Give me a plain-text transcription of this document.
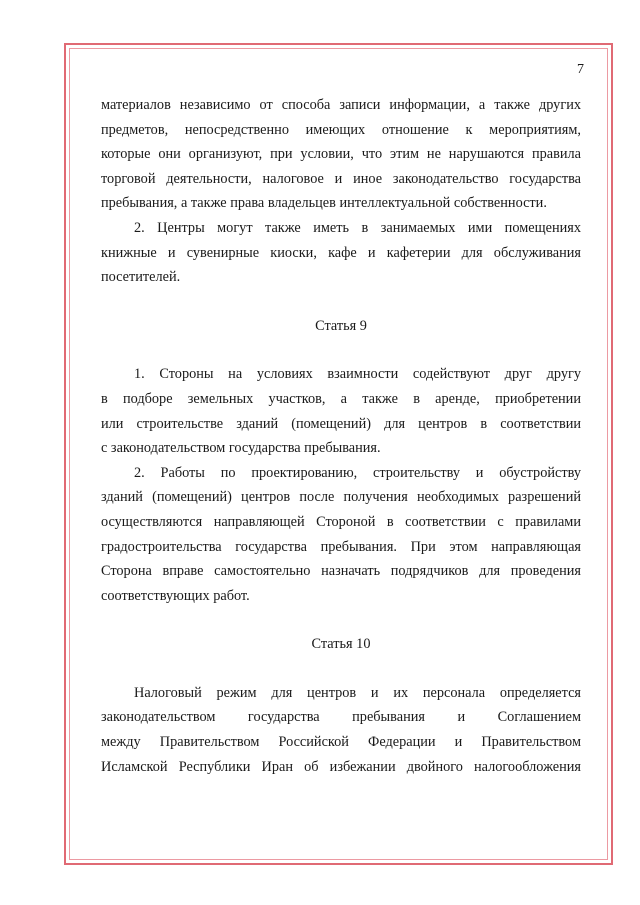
7

материалов независимо от способа записи информации, а также других
предметов, непосредственно имеющих отношение к мероприятиям,
которые они организуют, при условии, что этим не нарушаются правила
торговой деятельности, налоговое и иное законодательство государства
пребывания, а также права владельцев интеллектуальной собственности.

2. Центры могут также иметь в занимаемых ими помещениях
книжные и сувенирные киоски, кафе и кафетерии для обслуживания
посетителей.

Статья 9

1. Стороны на условиях взаимности содействуют друг другу
в подборе земельных участков, а также в аренде, приобретении
или строительстве зданий (помещений) для центров в соответствии
с законодательством государства пребывания.

2. Работы по проектированию, строительству и обустройству
зданий (помещений) центров после получения необходимых разрешений
осуществляются направляющей Стороной в соответствии с правилами
градостроительства государства пребывания. При этом направляющая
Сторона вправе самостоятельно назначать подрядчиков для проведения
соответствующих работ.

Статья 10

Налоговый режим для центров и их персонала определяется
законодательством государства пребывания и Соглашением
между Правительством Российской Федерации и Правительством
Исламской Республики Иран об избежании двойного налогообложения
